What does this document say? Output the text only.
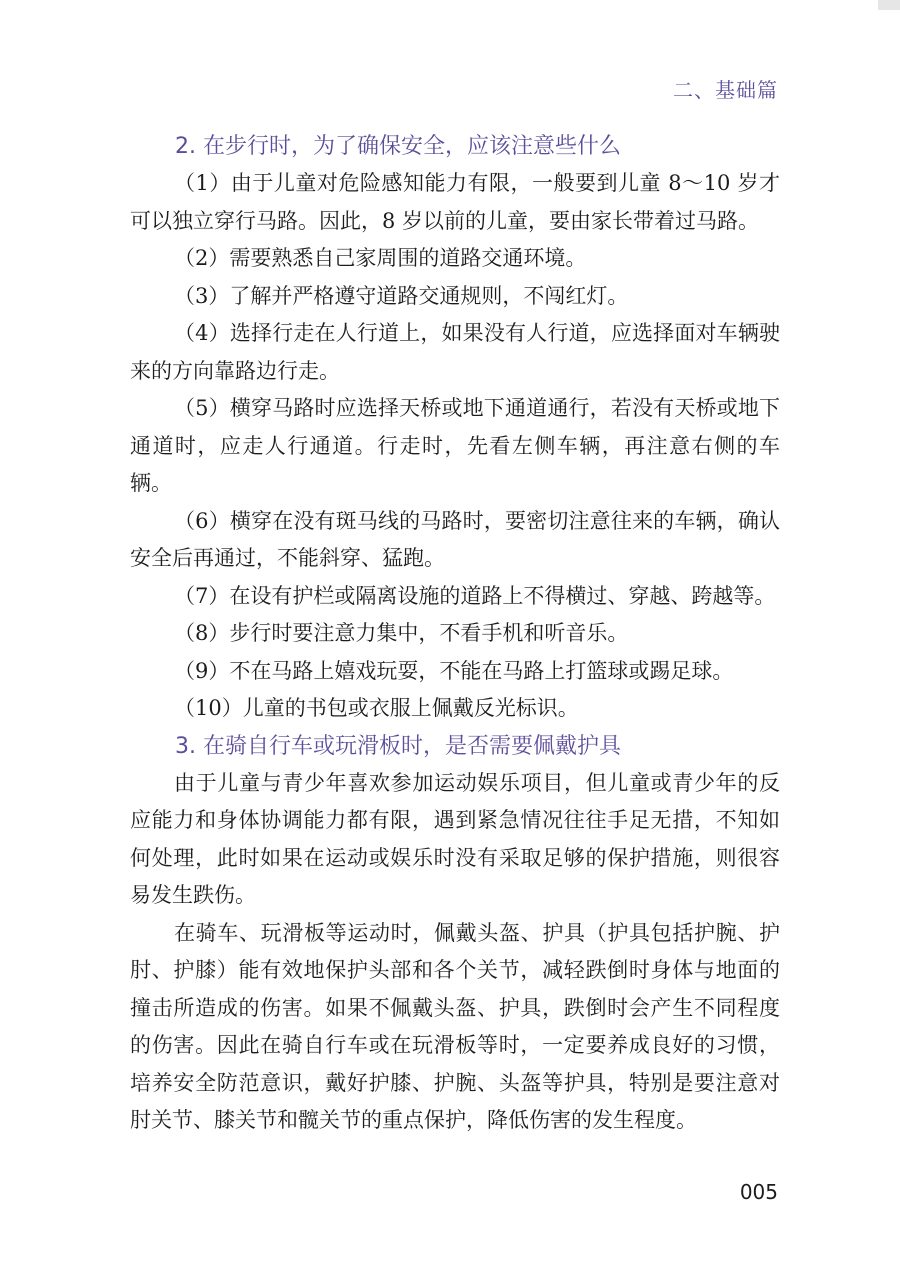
二、基础篇
2. 在步行时，为了确保安全，应该注意些什么

（1）由于儿童对危险感知能力有限，一般要到儿童 8～10 岁才可以独立穿行马路。因此，8 岁以前的儿童，要由家长带着过马路。

（2）需要熟悉自己家周围的道路交通环境。

（3）了解并严格遵守道路交通规则，不闯红灯。

（4）选择行走在人行道上，如果没有人行道，应选择面对车辆驶来的方向靠路边行走。

（5）横穿马路时应选择天桥或地下通道通行，若没有天桥或地下通道时，应走人行通道。行走时，先看左侧车辆，再注意右侧的车辆。

（6）横穿在没有斑马线的马路时，要密切注意往来的车辆，确认安全后再通过，不能斜穿、猛跑。

（7）在设有护栏或隔离设施的道路上不得横过、穿越、跨越等。

（8）步行时要注意力集中，不看手机和听音乐。

（9）不在马路上嬉戏玩耍，不能在马路上打篮球或踢足球。

（10）儿童的书包或衣服上佩戴反光标识。

3. 在骑自行车或玩滑板时，是否需要佩戴护具

由于儿童与青少年喜欢参加运动娱乐项目，但儿童或青少年的反应能力和身体协调能力都有限，遇到紧急情况往往手足无措，不知如何处理，此时如果在运动或娱乐时没有采取足够的保护措施，则很容易发生跌伤。

在骑车、玩滑板等运动时，佩戴头盔、护具（护具包括护腕、护肘、护膝）能有效地保护头部和各个关节，减轻跌倒时身体与地面的撞击所造成的伤害。如果不佩戴头盔、护具，跌倒时会产生不同程度的伤害。因此在骑自行车或在玩滑板等时，一定要养成良好的习惯，培养安全防范意识，戴好护膝、护腕、头盔等护具，特别是要注意对肘关节、膝关节和髋关节的重点保护，降低伤害的发生程度。

005
